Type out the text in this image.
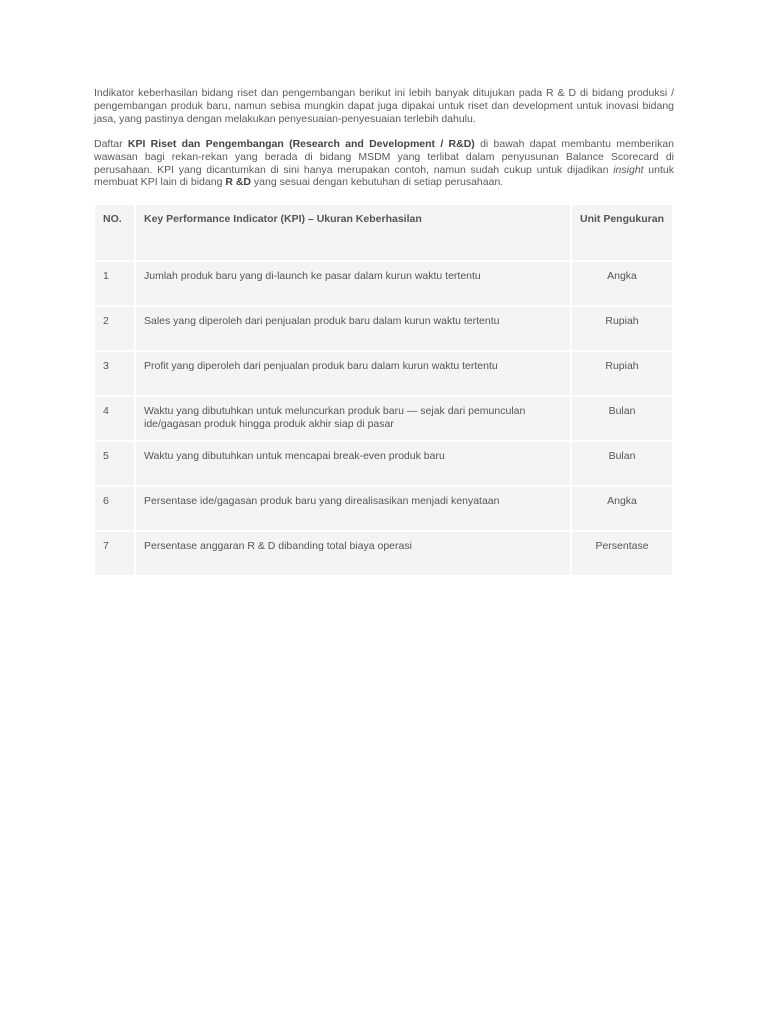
Indikator keberhasilan bidang riset dan pengembangan berikut ini lebih banyak ditujukan pada R & D di bidang produksi / pengembangan produk baru, namun sebisa mungkin dapat juga dipakai untuk riset dan development untuk inovasi bidang jasa, yang pastinya dengan melakukan penyesuaian-penyesuaian terlebih dahulu.

Daftar KPI Riset dan Pengembangan (Research and Development / R&D) di bawah dapat membantu memberikan wawasan bagi rekan-rekan yang berada di bidang MSDM yang terlibat dalam penyusunan Balance Scorecard di perusahaan. KPI yang dicantumkan di sini hanya merupakan contoh, namun sudah cukup untuk dijadikan insight untuk membuat KPI lain di bidang R &D yang sesuai dengan kebutuhan di setiap perusahaan.

NO.	Key Performance Indicator (KPI) – Ukuran Keberhasilan	Unit Pengukuran
1	Jumlah produk baru yang di-launch ke pasar dalam kurun waktu tertentu	Angka
2	Sales yang diperoleh dari penjualan produk baru dalam kurun waktu tertentu	Rupiah
3	Profit yang diperoleh dari penjualan produk baru dalam kurun waktu tertentu	Rupiah
4	Waktu yang dibutuhkan untuk meluncurkan produk baru — sejak dari pemunculan ide/gagasan produk hingga produk akhir siap di pasar	Bulan
5	Waktu yang dibutuhkan untuk mencapai break-even produk baru	Bulan
6	Persentase ide/gagasan produk baru yang direalisasikan menjadi kenyataan	Angka
7	Persentase anggaran R & D dibanding total biaya operasi	Persentase
